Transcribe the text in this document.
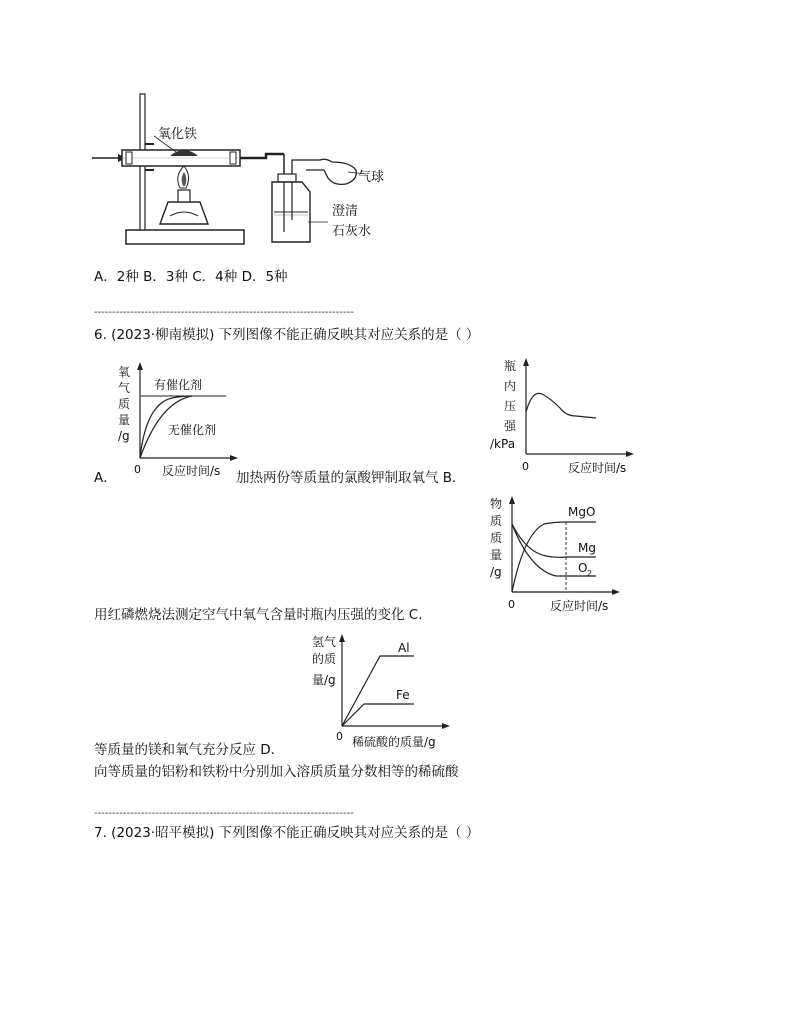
氧化铁
气球
澄清
石灰水
A．2种 B．3种 C．4种 D．5种
------------------------------------------------------------------------
6. (2023·柳南模拟) 下列图像不能正确反映其对应关系的是（ ）
氧
气
质
量
/g
有催化剂
无催化剂
0 反应时间/s
瓶
内
压
强
/kPa
0	反应时间/s
A．	加热两份等质量的氯酸钾制取氧气 B．
物
质
质
量
/g
MgO
Mg
O 2
0	反应时间/s
用红磷燃烧法测定空气中氧气含量时瓶内压强的变化 C．
氢气
的质
量/g
Al
Fe
0 稀硫酸的质量/g
等质量的镁和氧气充分反应 D．
向等质量的铝粉和铁粉中分别加入溶质质量分数相等的稀硫酸
------------------------------------------------------------------------
7. (2023·昭平模拟) 下列图像不能正确反映其对应关系的是（ ）
